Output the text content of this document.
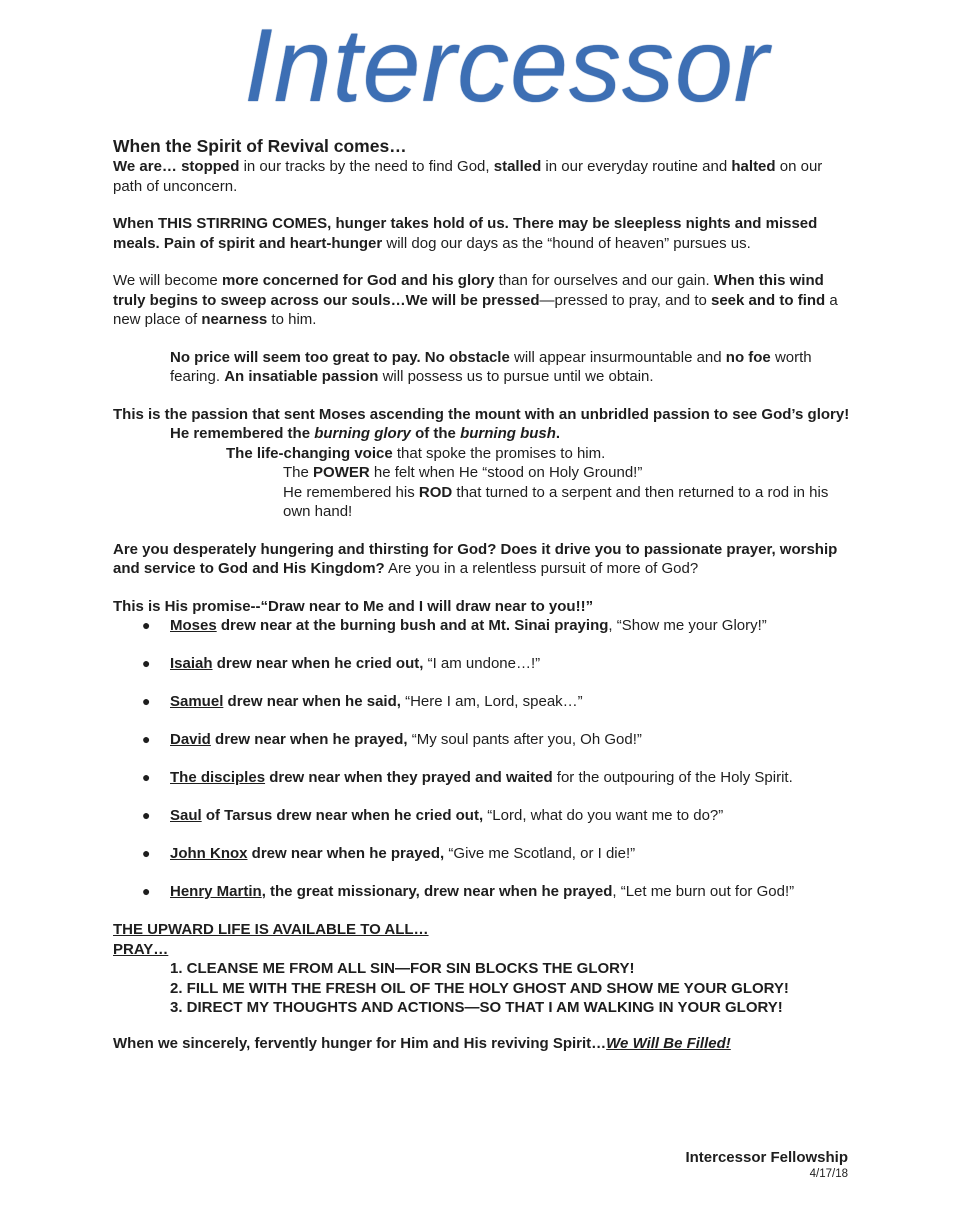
Intercessor

When the Spirit of Revival comes…

We are… stopped in our tracks by the need to find God, stalled in our everyday routine and halted on our path of unconcern.

When THIS STIRRING COMES, hunger takes hold of us. There may be sleepless nights and missed meals. Pain of spirit and heart-hunger will dog our days as the “hound of heaven” pursues us.

We will become more concerned for God and his glory than for ourselves and our gain. When this wind truly begins to sweep across our souls…We will be pressed—pressed to pray, and to seek and to find a new place of nearness to him.

No price will seem too great to pay. No obstacle will appear insurmountable and no foe worth fearing. An insatiable passion will possess us to pursue until we obtain.

This is the passion that sent Moses ascending the mount with an unbridled passion to see God’s glory!

He remembered the burning glory of the burning bush.

The life-changing voice that spoke the promises to him.

The POWER he felt when He “stood on Holy Ground!”

He remembered his ROD that turned to a serpent and then returned to a rod in his own hand!

Are you desperately hungering and thirsting for God? Does it drive you to passionate prayer, worship and service to God and His Kingdom? Are you in a relentless pursuit of more of God?

This is His promise--“Draw near to Me and I will draw near to you!!”

● Moses drew near at the burning bush and at Mt. Sinai praying, “Show me your Glory!”
● Isaiah drew near when he cried out, “I am undone…!”
● Samuel drew near when he said, “Here I am, Lord, speak…”
● David drew near when he prayed, “My soul pants after you, Oh God!”
● The disciples drew near when they prayed and waited for the outpouring of the Holy Spirit.
● Saul of Tarsus drew near when he cried out, “Lord, what do you want me to do?”
● John Knox drew near when he prayed, “Give me Scotland, or I die!”
● Henry Martin, the great missionary, drew near when he prayed, “Let me burn out for God!”

THE UPWARD LIFE IS AVAILABLE TO ALL…

PRAY…

1. CLEANSE ME FROM ALL SIN—FOR SIN BLOCKS THE GLORY!

2. FILL ME WITH THE FRESH OIL OF THE HOLY GHOST AND SHOW ME YOUR GLORY!

3. DIRECT MY THOUGHTS AND ACTIONS—SO THAT I AM WALKING IN YOUR GLORY!

When we sincerely, fervently hunger for Him and His reviving Spirit…We Will Be Filled!

Intercessor Fellowship
4/17/18
